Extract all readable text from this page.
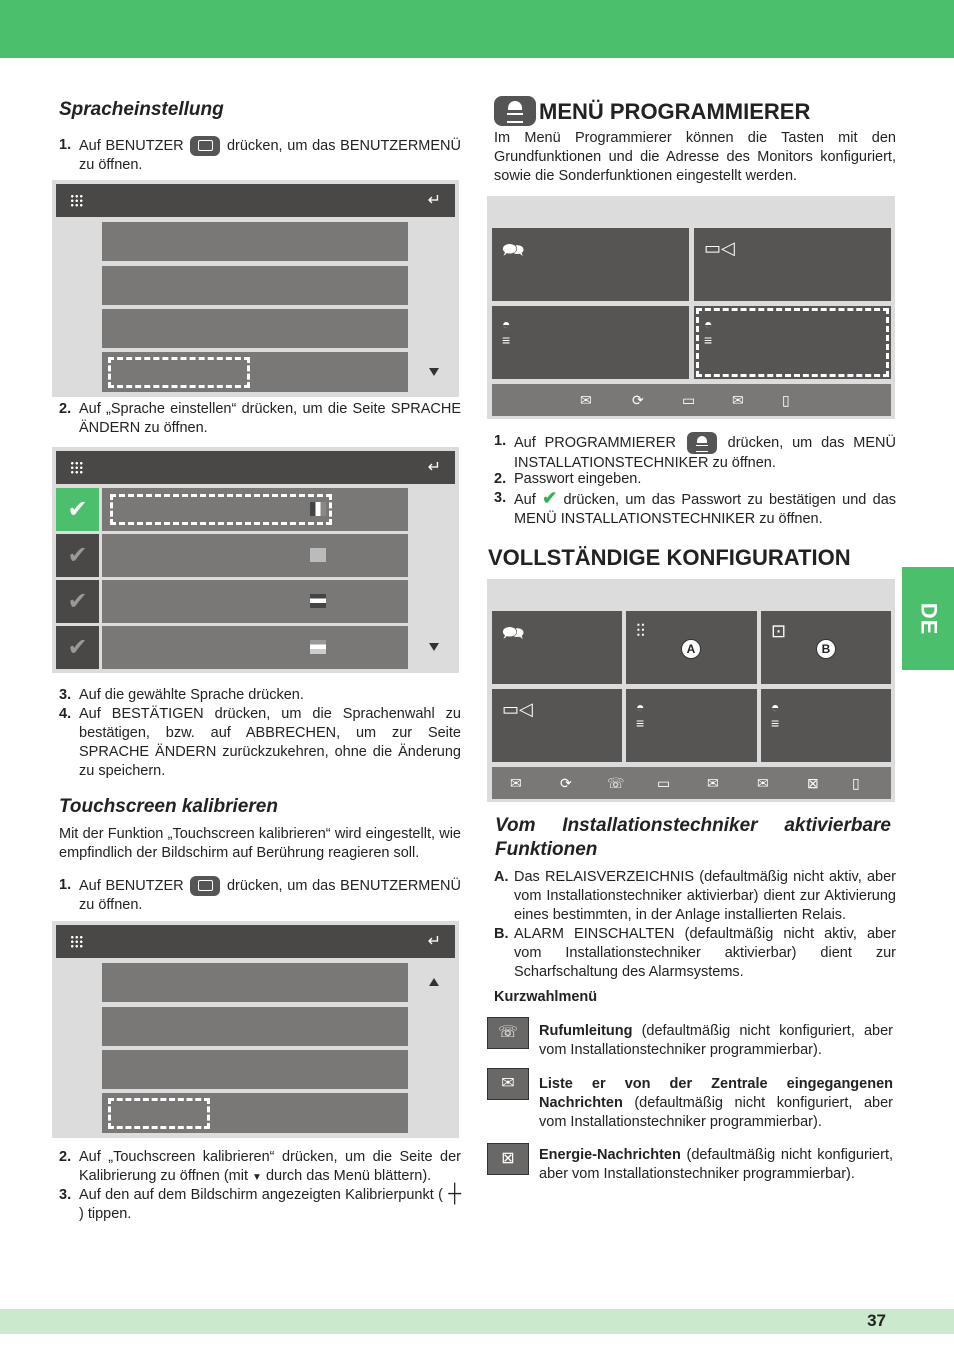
Spracheinstellung
1. Auf BENUTZER  drücken, um das BENUTZERMENÜ zu öffnen.
↵
2. Auf „Sprache einstellen“ drücken, um die Seite SPRACHE ÄNDERN zu öffnen.
↵
✔
✔
✔
✔
3. Auf die gewählte Sprache drücken.
4. Auf BESTÄTIGEN drücken, um die Sprachenwahl zu bestätigen, bzw. auf ABBRECHEN, um zur Seite SPRACHE ÄNDERN zurückzukehren, ohne die Änderung zu speichern.
Touchscreen kalibrieren
Mit der Funktion „Touchscreen kalibrieren“ wird eingestellt, wie empfindlich der Bildschirm auf Berührung reagieren soll.
1. Auf BENUTZER  drücken, um das BENUTZERMENÜ zu öffnen.
↵
2. Auf „Touchscreen kalibrieren“ drücken, um die Seite der Kalibrierung zu öffnen (mit ▼ durch das Menü blättern).
3. Auf den auf dem Bildschirm angezeigten Kalibrierpunkt ( ┼ ) tippen.
MENÜ PROGRAMMIERER
Im Menü Programmierer können die Tasten mit den Grundfunktionen und die Adresse des Monitors konfiguriert, sowie die Sonderfunktionen eingestellt werden.
🗪	▭◁
◓
≡
◓
≡
✉	⟳	▭	✉	▯
1. Auf PROGRAMMIERER  drücken, um das MENÜ INSTALLATIONSTECHNIKER zu öffnen.
2. Passwort eingeben.
3. Auf ✔ drücken, um das Passwort zu bestätigen und das MENÜ INSTALLATIONSTECHNIKER zu öffnen.
VOLLSTÄNDIGE KONFIGURATION
🗪	⫶⫶
A
⊡
B
▭◁	◓
≡
◓
≡
✉	⟳	☏ ▭	✉	✉	⊠ ▯
Vom Installationstechniker aktivierbare Funktionen
A. Das RELAISVERZEICHNIS (defaultmäßig nicht aktiv, aber vom Installationstechniker aktivierbar) dient zur Aktivierung eines bestimmten, in der Anlage installierten Relais.
B. ALARM EINSCHALTEN (defaultmäßig nicht aktiv, aber vom Installationstechniker aktivierbar) dient zur Scharfschaltung des Alarmsystems.
Kurzwahlmenü
☏	Rufumleitung (defaultmäßig nicht konfiguriert, aber vom Installationstechniker programmierbar).
✉	Liste er von der Zentrale eingegangenen Nachrichten (defaultmäßig nicht konfiguriert, aber vom Installationstechniker programmierbar).
⊠	Energie-Nachrichten (defaultmäßig nicht konfiguriert, aber vom Installationstechniker programmierbar).
DE
37
